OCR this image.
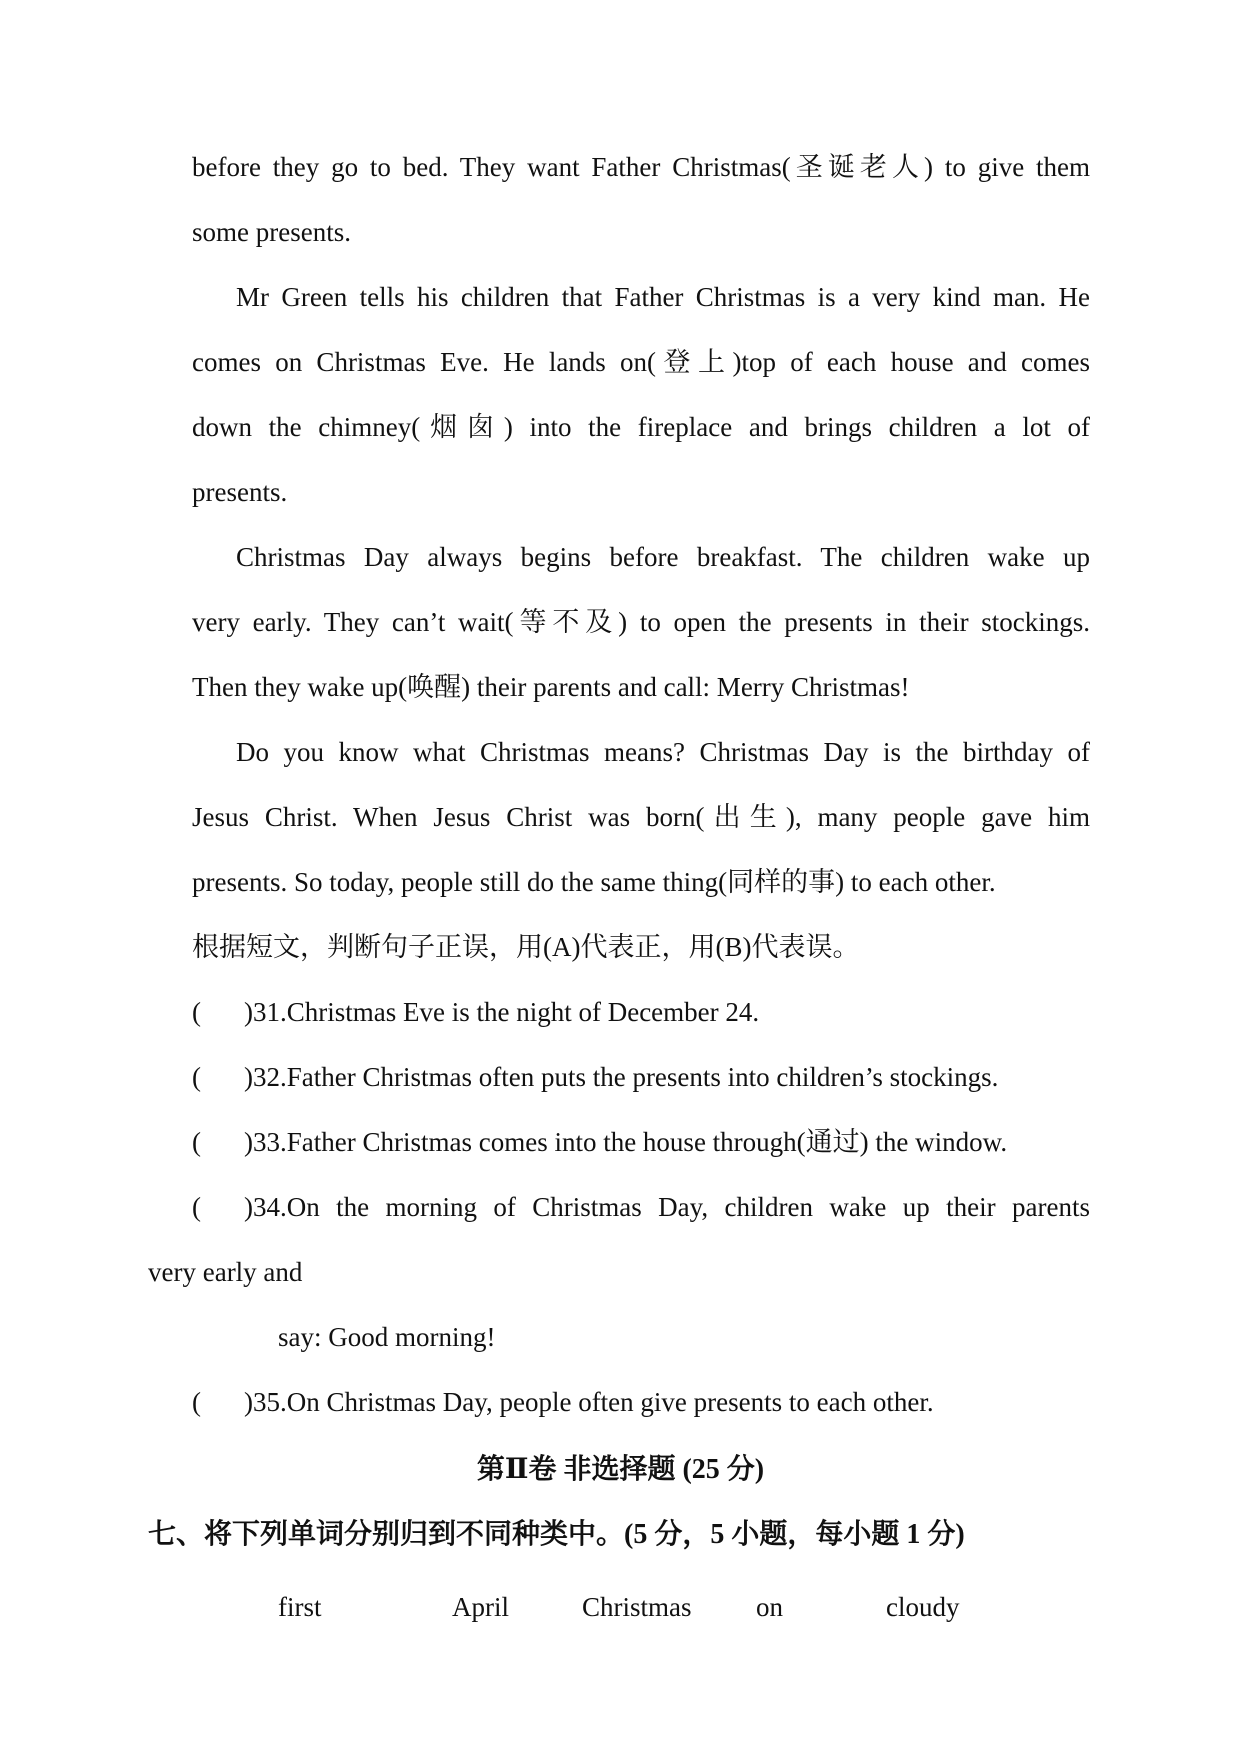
before they go to bed. They want Father Christmas(圣诞老人) to give them
some presents.
Mr Green tells his children that Father Christmas is a very kind man. He
comes on Christmas Eve. He lands on(登上)top of each house and comes
down the chimney(烟囱) into the fireplace and brings children a lot of
presents.
Christmas Day always begins before breakfast. The children wake up
very early. They can’t wait(等不及) to open the presents in their stockings.
Then they wake up(唤醒) their parents and call: Merry Christmas!
Do you know what Christmas means? Christmas Day is the birthday of
Jesus Christ. When Jesus Christ was born(出生), many people gave him
presents. So today, people still do the same thing(同样的事) to each other.
根据短文，判断句子正误，用(A)代表正，用(B)代表误。
( )31.Christmas Eve is the night of December 24.
( )32.Father Christmas often puts the presents into children’s stockings.
( )33.Father Christmas comes into the house through(通过) the window.
(	)34.On the morning of Christmas Day, children wake up their parents
very early and
say: Good morning!
( )35.On Christmas Day, people often give presents to each other.
第Ⅱ卷 非选择题 (25 分)
七、将下列单词分别归到不同种类中。(5 分，5 小题，每小题 1 分)
first	April	Christmas on	cloudy
